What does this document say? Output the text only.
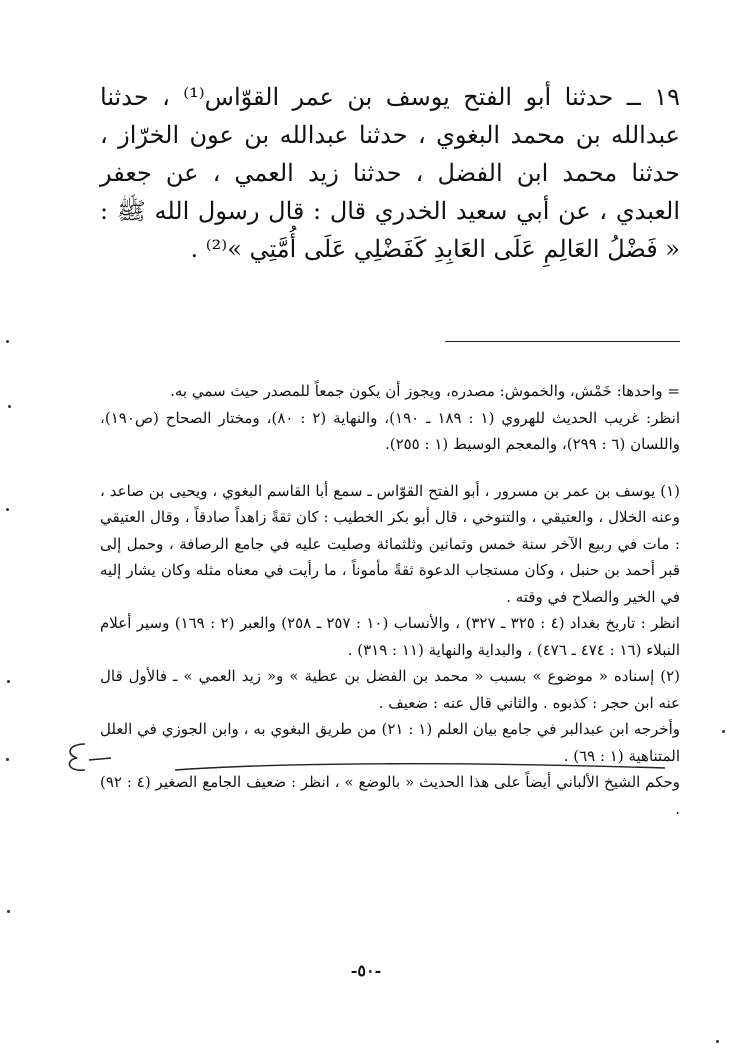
١٩ ــ حدثنا أبو الفتح يوسف بن عمر القوّاس⁽¹⁾ ، حدثنا عبدالله بن محمد البغوي ، حدثنا عبدالله بن عون الخرّاز ، حدثنا محمد ابن الفضل ، حدثنا زيد العمي ، عن جعفر العبدي ، عن أبي سعيد الخدري قال : قال رسول الله ﷺ : « فَضْلُ العَالِمِ عَلَى العَابِدِ كَفَضْلِي عَلَى أُمَّتِي »⁽²⁾ .

= واحدها: خَمْش، والخموش: مصدره، ويجوز أن يكون جمعاً للمصدر حيث سمي به.

انظر: غريب الحديث للهروي (١ : ١٨٩ ـ ١٩٠)، والنهاية (٢ : ٨٠)، ومختار الصحاح (ص١٩٠)، واللسان (٦ : ٢٩٩)، والمعجم الوسيط (١ : ٢٥٥).

(١) يوسف بن عمر بن مسرور ، أبو الفتح القوّاس ـ سمع أبا القاسم البغوي ، ويحيى بن صاعد ، وعنه الخلال ، والعتيقي ، والتنوخي ، قال أبو بكر الخطيب : كان ثقةً زاهداً صادقاً ، وقال العتيقي : مات في ربيع الآخر سنة خمس وثمانين وثلثمائة وصليت عليه في جامع الرصافة ، وحمل إلى قبر أحمد بن حنبل ، وكان مستجاب الدعوة ثقةً مأموناً ، ما رأيت في معناه مثله وكان يشار إليه في الخير والصلاح في وقته .

انظر : تاريخ بغداد (٤ : ٣٢٥ ـ ٣٢٧) ، والأنساب (١٠ : ٢٥٧ ـ ٢٥٨) والعبر (٢ : ١٦٩) وسير أعلام النبلاء (١٦ : ٤٧٤ ـ ٤٧٦) ، والبداية والنهاية (١١ : ٣١٩) .

(٢) إسناده « موضوع » بسبب « محمد بن الفضل بن عطية » و« زيد العمي » ـ فالأول قال عنه ابن حجر : كذبوه . والثاني قال عنه : ضعيف .

وأخرجه ابن عبدالبر في جامع بيان العلم (١ : ٢١) من طريق البغوي به ، وابن الجوزي في العلل المتناهية (١ : ٦٩) .

وحكم الشيخ الألباني أيضاً على هذا الحديث « بالوضع » ، انظر : ضعيف الجامع الصغير (٤ : ٩٢) .

-٥٠-
